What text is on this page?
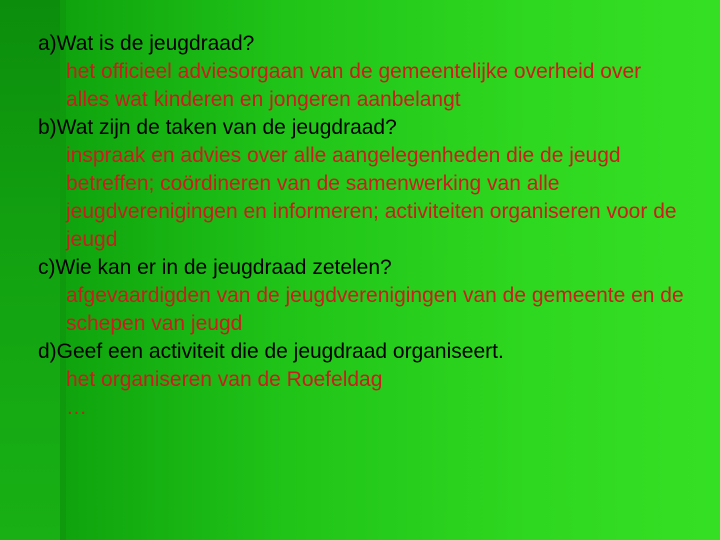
a)Wat is de jeugdraad?

het officieel adviesorgaan van de gemeentelijke overheid over alles wat kinderen en jongeren aanbelangt

b)Wat zijn de taken van de jeugdraad?

inspraak en advies over alle aangelegenheden die de jeugd betreffen; coördineren van de samenwerking van alle jeugdverenigingen en informeren; activiteiten organiseren voor de jeugd

c)Wie kan er in de jeugdraad zetelen?

afgevaardigden van de jeugdverenigingen van de gemeente en de schepen van jeugd

d)Geef een activiteit die de jeugdraad organiseert.

het organiseren van de Roefeldag

…
